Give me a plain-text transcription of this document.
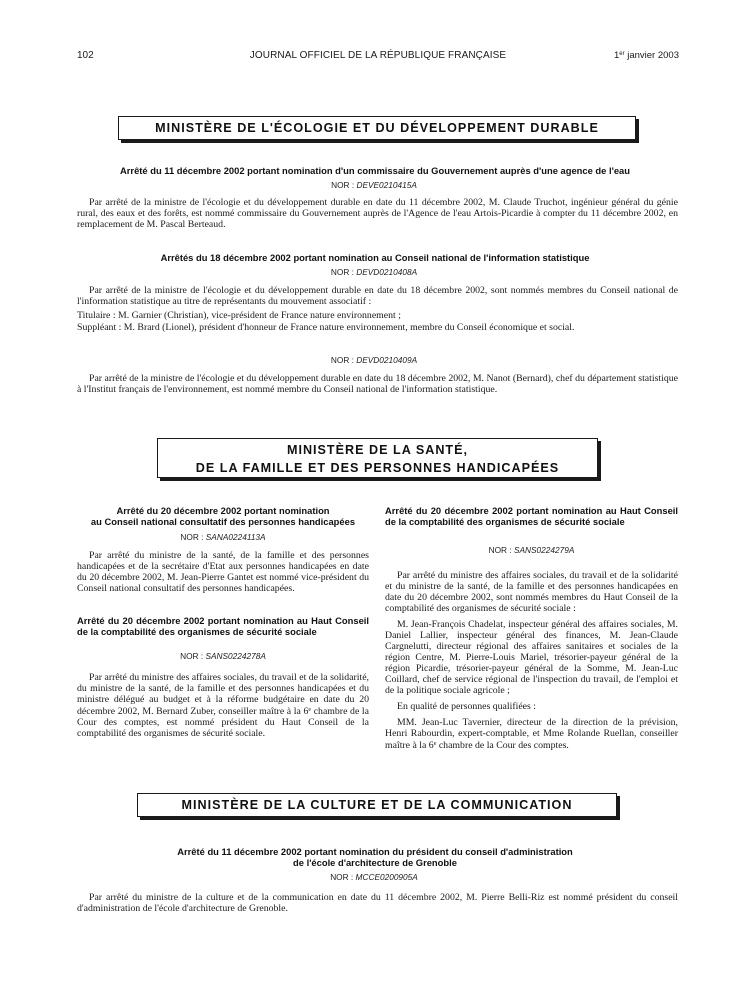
102	JOURNAL OFFICIEL DE LA RÉPUBLIQUE FRANÇAISE	1er janvier 2003
MINISTÈRE DE L'ÉCOLOGIE ET DU DÉVELOPPEMENT DURABLE
Arrêté du 11 décembre 2002 portant nomination d'un commissaire du Gouvernement auprès d'une agence de l'eau
NOR : DEVE0210415A

Par arrêté de la ministre de l'écologie et du développement durable en date du 11 décembre 2002, M. Claude Truchot, ingénieur général du génie rural, des eaux et des forêts, est nommé commissaire du Gouvernement auprès de l'Agence de l'eau Artois-Picardie à compter du 11 décembre 2002, en remplacement de M. Pascal Berteaud.

Arrêtés du 18 décembre 2002 portant nomination au Conseil national de l'information statistique
NOR : DEVD0210408A

Par arrêté de la ministre de l'écologie et du développement durable en date du 18 décembre 2002, sont nommés membres du Conseil national de l'information statistique au titre de représentants du mouvement associatif :

Titulaire : M. Garnier (Christian), vice-président de France nature environnement ;

Suppléant : M. Brard (Lionel), président d'honneur de France nature environnement, membre du Conseil économique et social.

NOR : DEVD0210409A

Par arrêté de la ministre de l'écologie et du développement durable en date du 18 décembre 2002, M. Nanot (Bernard), chef du département statistique à l'Institut français de l'environnement, est nommé membre du Conseil national de l'information statistique.

MINISTÈRE DE LA SANTÉ,
DE LA FAMILLE ET DES PERSONNES HANDICAPÉES
Arrêté du 20 décembre 2002 portant nomination
au Conseil national consultatif des personnes handicapées
NOR : SANA0224113A

Par arrêté du ministre de la santé, de la famille et des personnes handicapées et de la secrétaire d'Etat aux personnes handicapées en date du 20 décembre 2002, M. Jean-Pierre Gantet est nommé vice-président du Conseil national consultatif des personnes handicapées.

Arrêté du 20 décembre 2002 portant nomination au Haut Conseil de la comptabilité des organismes de sécurité sociale
NOR : SANS0224278A

Par arrêté du ministre des affaires sociales, du travail et de la solidarité, du ministre de la santé, de la famille et des personnes handicapées et du ministre délégué au budget et à la réforme budgétaire en date du 20 décembre 2002, M. Bernard Zuber, conseiller maître à la 6e chambre de la Cour des comptes, est nommé président du Haut Conseil de la comptabilité des organismes de sécurité sociale.

Arrêté du 20 décembre 2002 portant nomination au Haut Conseil de la comptabilité des organismes de sécurité sociale
NOR : SANS0224279A

Par arrêté du ministre des affaires sociales, du travail et de la solidarité et du ministre de la santé, de la famille et des personnes handicapées en date du 20 décembre 2002, sont nommés membres du Haut Conseil de la comptabilité des organismes de sécurité sociale :

M. Jean-François Chadelat, inspecteur général des affaires sociales, M. Daniel Lallier, inspecteur général des finances, M. Jean-Claude Cargnelutti, directeur régional des affaires sanitaires et sociales de la région Centre, M. Pierre-Louis Mariel, trésorier-payeur général de la région Picardie, trésorier-payeur général de la Somme, M. Jean-Luc Coillard, chef de service régional de l'inspection du travail, de l'emploi et de la politique sociale agricole ;

En qualité de personnes qualifiées :

MM. Jean-Luc Tavernier, directeur de la direction de la prévision, Henri Rabourdin, expert-comptable, et Mme Rolande Ruellan, conseiller maître à la 6e chambre de la Cour des comptes.

MINISTÈRE DE LA CULTURE ET DE LA COMMUNICATION
Arrêté du 11 décembre 2002 portant nomination du président du conseil d'administration
de l'école d'architecture de Grenoble
NOR : MCCE0200905A

Par arrêté du ministre de la culture et de la communication en date du 11 décembre 2002, M. Pierre Belli-Riz est nommé président du conseil d'administration de l'école d'architecture de Grenoble.
